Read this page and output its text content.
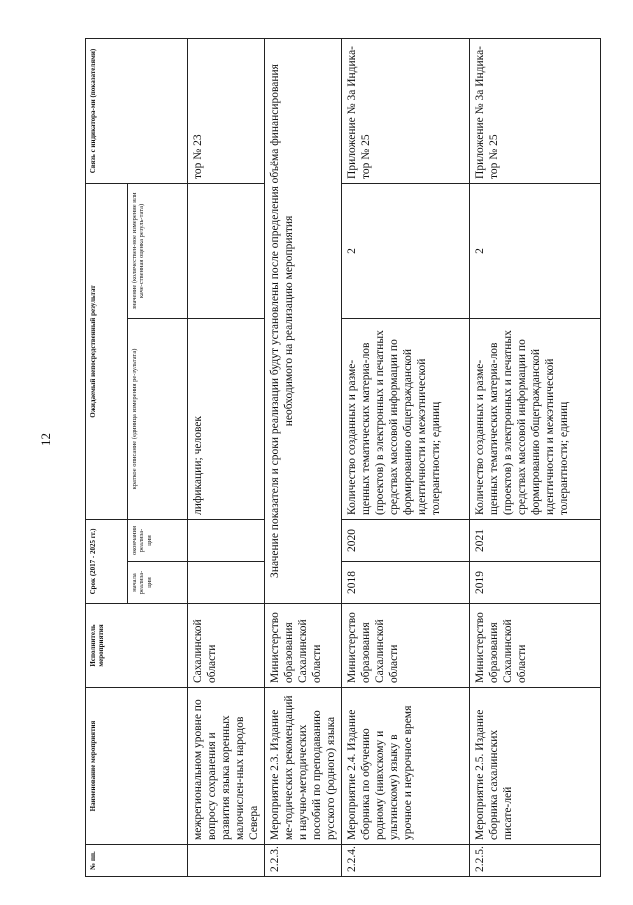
12
№ пп.	Наименование мероприятия	Исполнитель мероприятия	Срок (2017 - 2025 гг.)		Ожидаемый непосредственный результат		Связь с индикатора-ми (показателями)
			начала реализа-ции	окончания реализа-ции	краткое описание (единица измерения ре-зультата)	значение (количествен-ное измерение или каче-ственная оценка резуль-тата)	
	межрегиональном уровне по вопросу сохранения и развития языка коренных малочислен-ных народов Севера	Сахалинской области			лификации; человек		тор № 23
2.2.3.	Мероприятие 2.3. Издание ме-тодических рекомендаций и научно-методических пособий по преподаванию русского (родного) языка	Министерство образования Сахалинской области	Значение показателя и сроки реализации будут установлены после определения объёма финансирования необходимого на реализацию мероприятия				
2.2.4.	Мероприятие 2.4. Издание сборника по обучению родному (нивхскому и ультинскому) языку в урочное и неурочное время	Министерство образования Сахалинской области	2018	2020	Количество созданных и разме-щенных тематических материа-лов (проектов) в электронных и печатных средствах массовой информации по формированию общегражданской идентичности и межэтнической толерантности; единиц	2	Приложение № 3а Индика-тор № 25
2.2.5.	Мероприятие 2.5. Издание сборника сахалинских писате-лей	Министерство образования Сахалинской области	2019	2021	Количество созданных и разме-щенных тематических материа-лов (проектов) в электронных и печатных средствах массовой информации по формированию общегражданской идентичности и межэтнической толерантности; единиц	2	Приложение № 3а Индика-тор № 25
